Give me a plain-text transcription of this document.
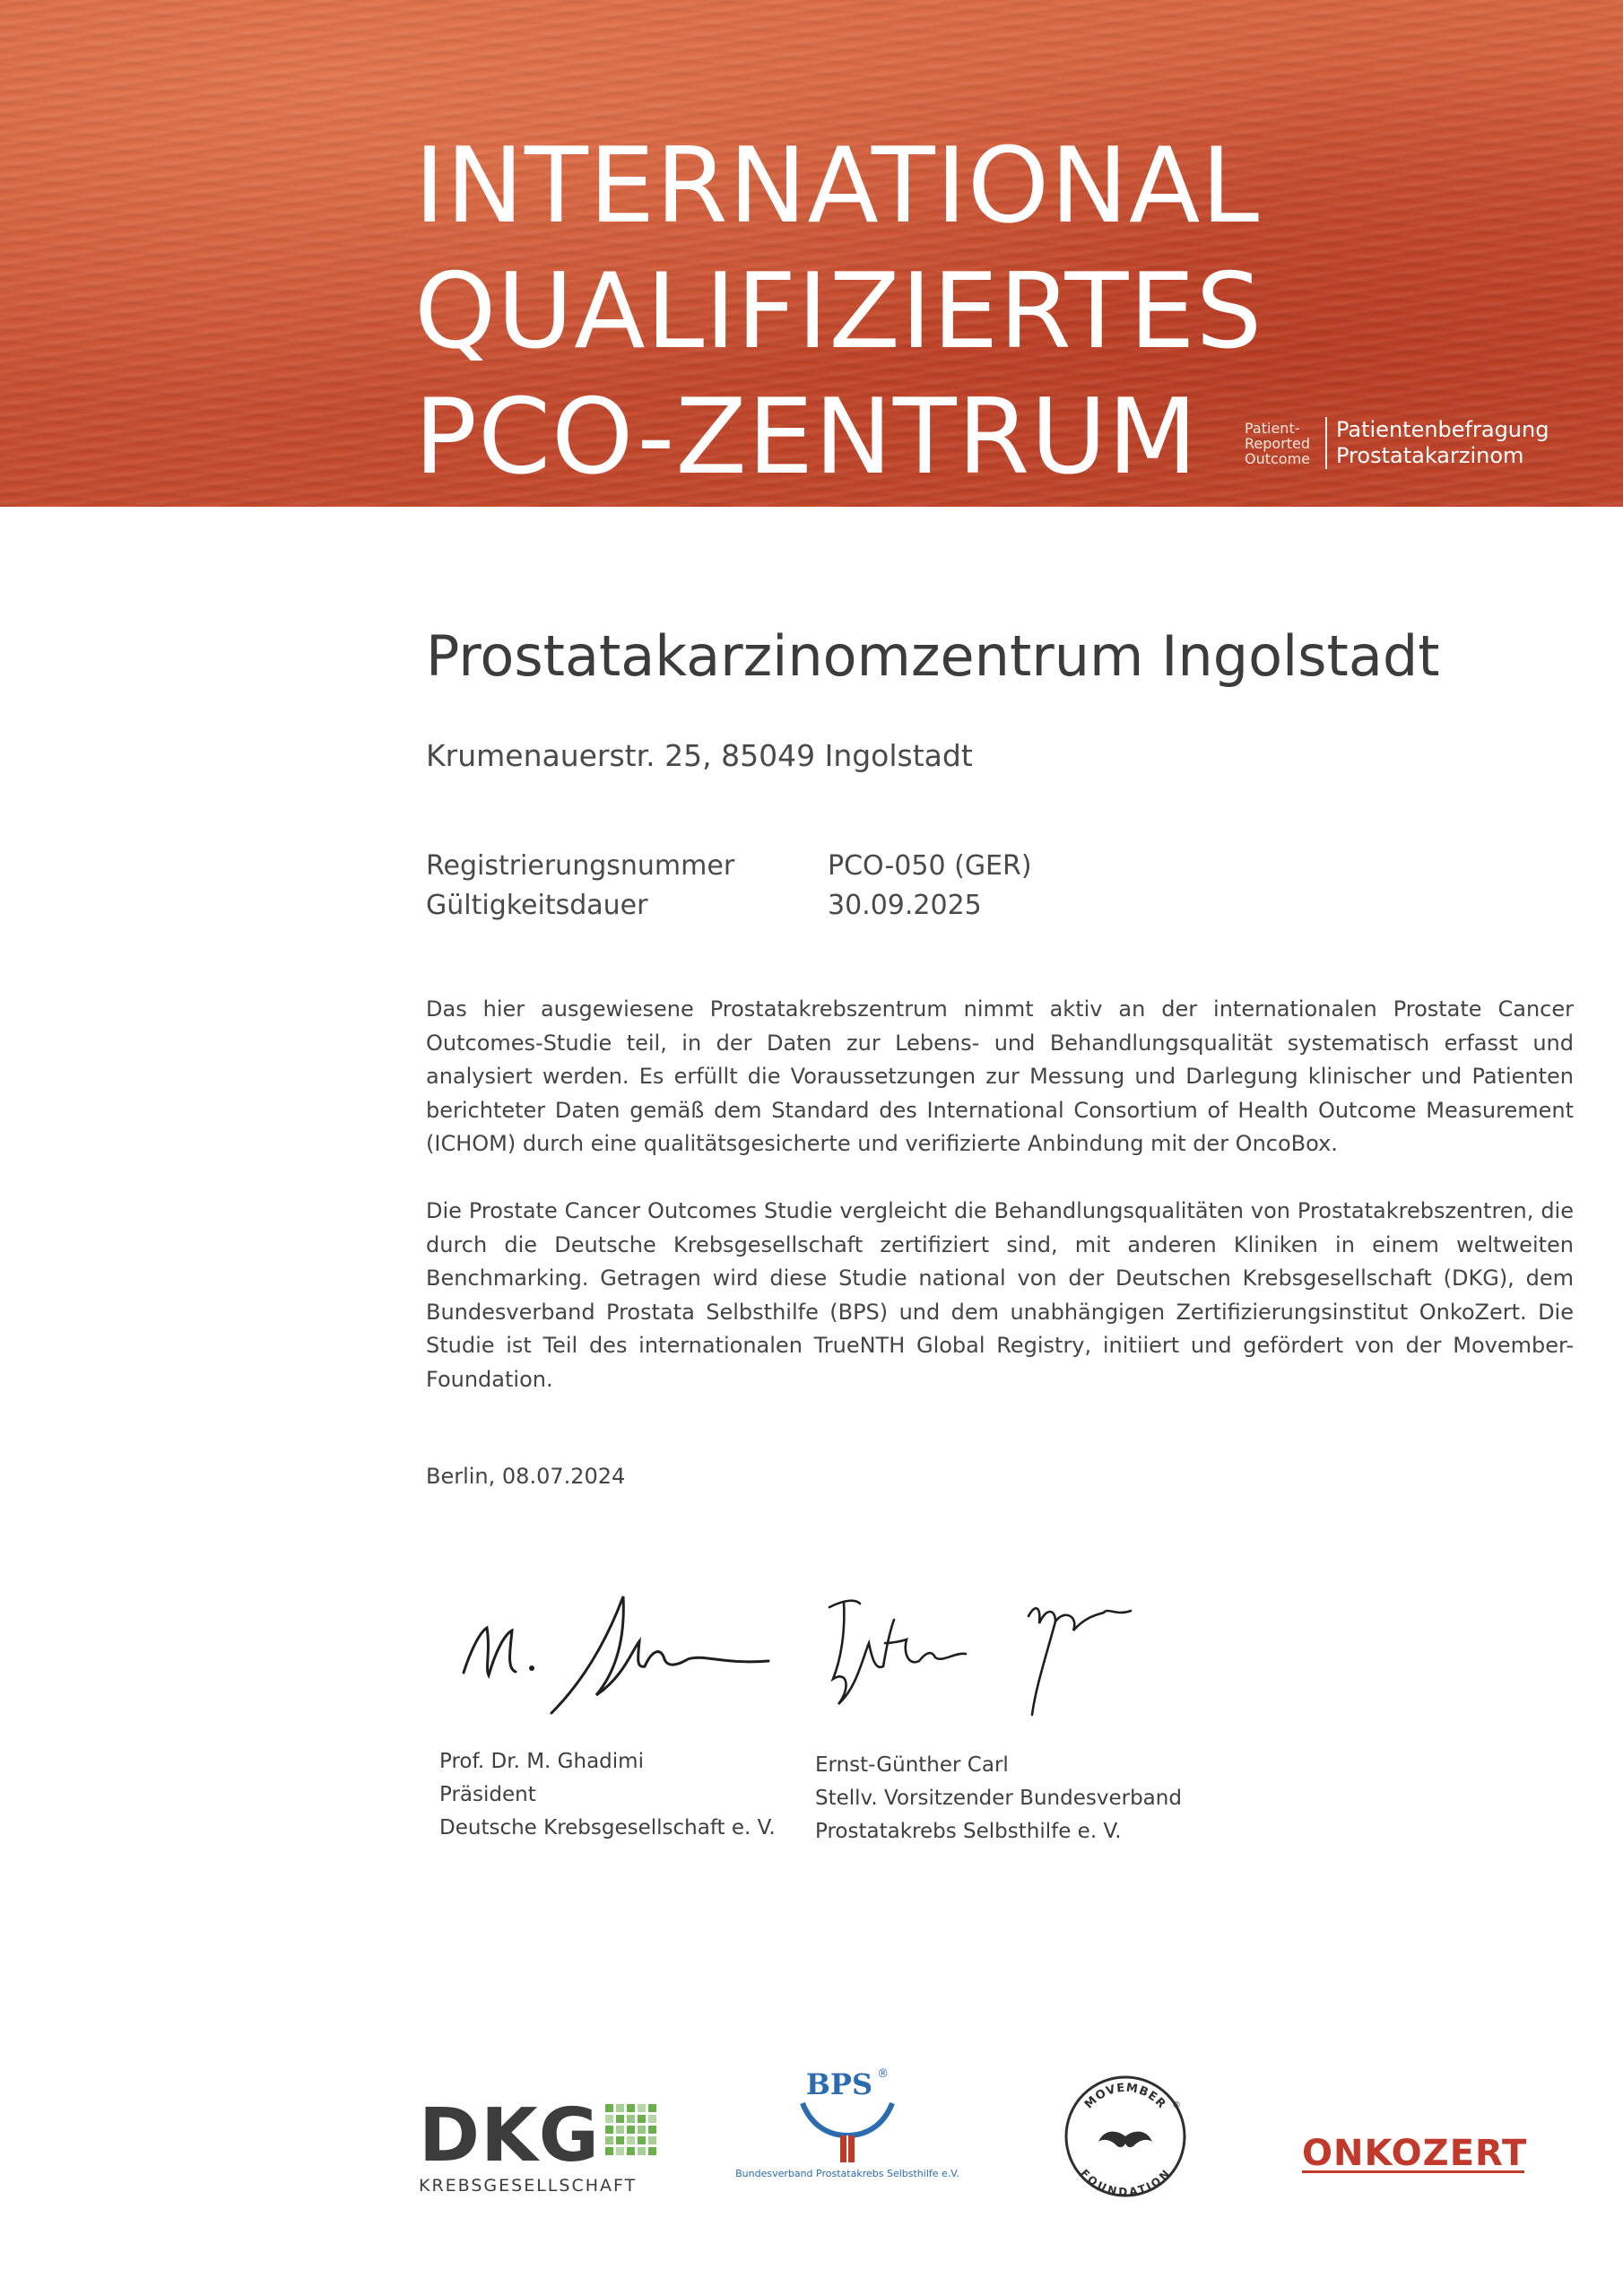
INTERNATIONAL
QUALIFIZIERTES
PCO-ZENTRUM	Patient-
Reported
Outcome
Patientenbefragung
Prostatakarzinom
Prostatakarzinomzentrum Ingolstadt
Krumenauerstr. 25, 85049 Ingolstadt
Registrierungsnummer	PCO-050 (GER)
Gültigkeitsdauer	30.09.2025

Das hier ausgewiesene Prostatakrebszentrum nimmt aktiv an der internationalen Prostate Cancer Outcomes-Studie teil, in der Daten zur Lebens- und Behandlungsqualität systematisch erfasst und analysiert werden. Es erfüllt die Voraussetzungen zur Messung und Darlegung klinischer und Patienten berichteter Daten gemäß dem Standard des International Consortium of Health Outcome Measurement (ICHOM) durch eine qualitätsgesicherte und verifizierte Anbindung mit der OncoBox.

Die Prostate Cancer Outcomes Studie vergleicht die Behandlungsqualitäten von Prostatakrebszentren, die durch die Deutsche Krebsgesellschaft zertifiziert sind, mit anderen Kliniken in einem weltweiten Benchmarking. Getragen wird diese Studie national von der Deutschen Krebsgesellschaft (DKG), dem Bundesverband Prostata Selbsthilfe (BPS) und dem unabhängigen Zertifizierungsinstitut OnkoZert. Die Studie ist Teil des internationalen TrueNTH Global Registry, initiiert und gefördert von der Movember-Foundation.

Berlin, 08.07.2024
Prof. Dr. M. Ghadimi
Präsident
Deutsche Krebsgesellschaft e. V.
Ernst-Günther Carl
Stellv. Vorsitzender Bundesverband
Prostatakrebs Selbsthilfe e. V.
DKG
KREBSGESELLSCHAFT
BPS ®
Bundesverband Prostatakrebs Selbsthilfe e.V.
MOVEMBER
FOUNDATION
®
ONKOZERT
